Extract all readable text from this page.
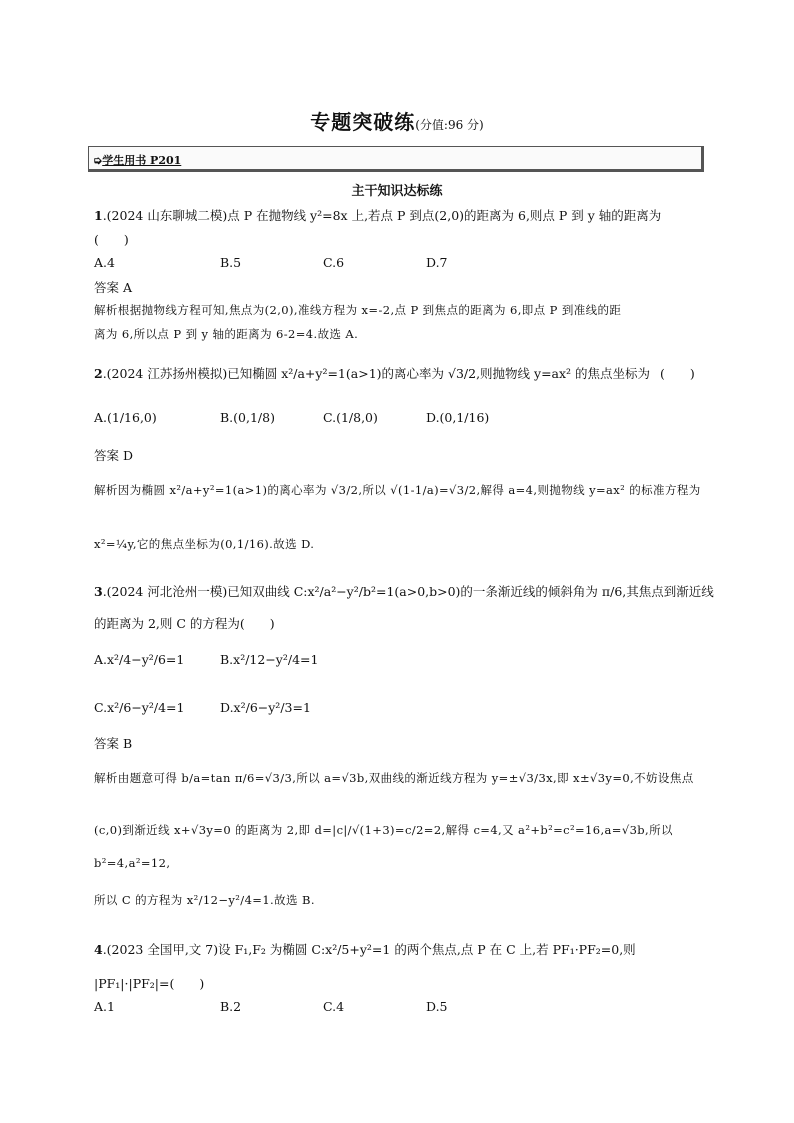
专题突破练(分值:96 分)
➭学生用书 P201
主干知识达标练
1.(2024 山东聊城二模)点 P 在抛物线 y²=8x 上,若点 P 到点(2,0)的距离为 6,则点 P 到 y 轴的距离为
(　　)
A.4	B.5	C.6	D.7
答案 A
解析根据抛物线方程可知,焦点为(2,0),准线方程为 x=-2,点 P 到焦点的距离为 6,即点 P 到准线的距
离为 6,所以点 P 到 y 轴的距离为 6-2=4.故选 A.
2.(2024 江苏扬州模拟)已知椭圆 x²/a+y²=1(a>1)的离心率为 √3/2,则抛物线 y=ax² 的焦点坐标为 (　　)
A.(1/16,0)	B.(0,1/8)	C.(1/8,0)	D.(0,1/16)
答案 D
解析因为椭圆 x²/a+y²=1(a>1)的离心率为 √3/2,所以 √(1-1/a)=√3/2,解得 a=4,则抛物线 y=ax² 的标准方程为
x²=¼y,它的焦点坐标为(0,1/16).故选 D.
3.(2024 河北沧州一模)已知双曲线 C:x²/a²−y²/b²=1(a>0,b>0)的一条渐近线的倾斜角为 π/6,其焦点到渐近线
的距离为 2,则 C 的方程为(　　)
A.x²/4−y²/6=1	B.x²/12−y²/4=1
C.x²/6−y²/4=1	D.x²/6−y²/3=1
答案 B
解析由题意可得 b/a=tan π/6=√3/3,所以 a=√3b,双曲线的渐近线方程为 y=±√3/3x,即 x±√3y=0,不妨设焦点
(c,0)到渐近线 x+√3y=0 的距离为 2,即 d=|c|/√(1+3)=c/2=2,解得 c=4,又 a²+b²=c²=16,a=√3b,所以
b²=4,a²=12,
所以 C 的方程为 x²/12−y²/4=1.故选 B.
4.(2023 全国甲,文 7)设 F₁,F₂ 为椭圆 C:x²/5+y²=1 的两个焦点,点 P 在 C 上,若 PF₁·PF₂=0,则
|PF₁|·|PF₂|=(　　)
A.1	B.2	C.4	D.5
